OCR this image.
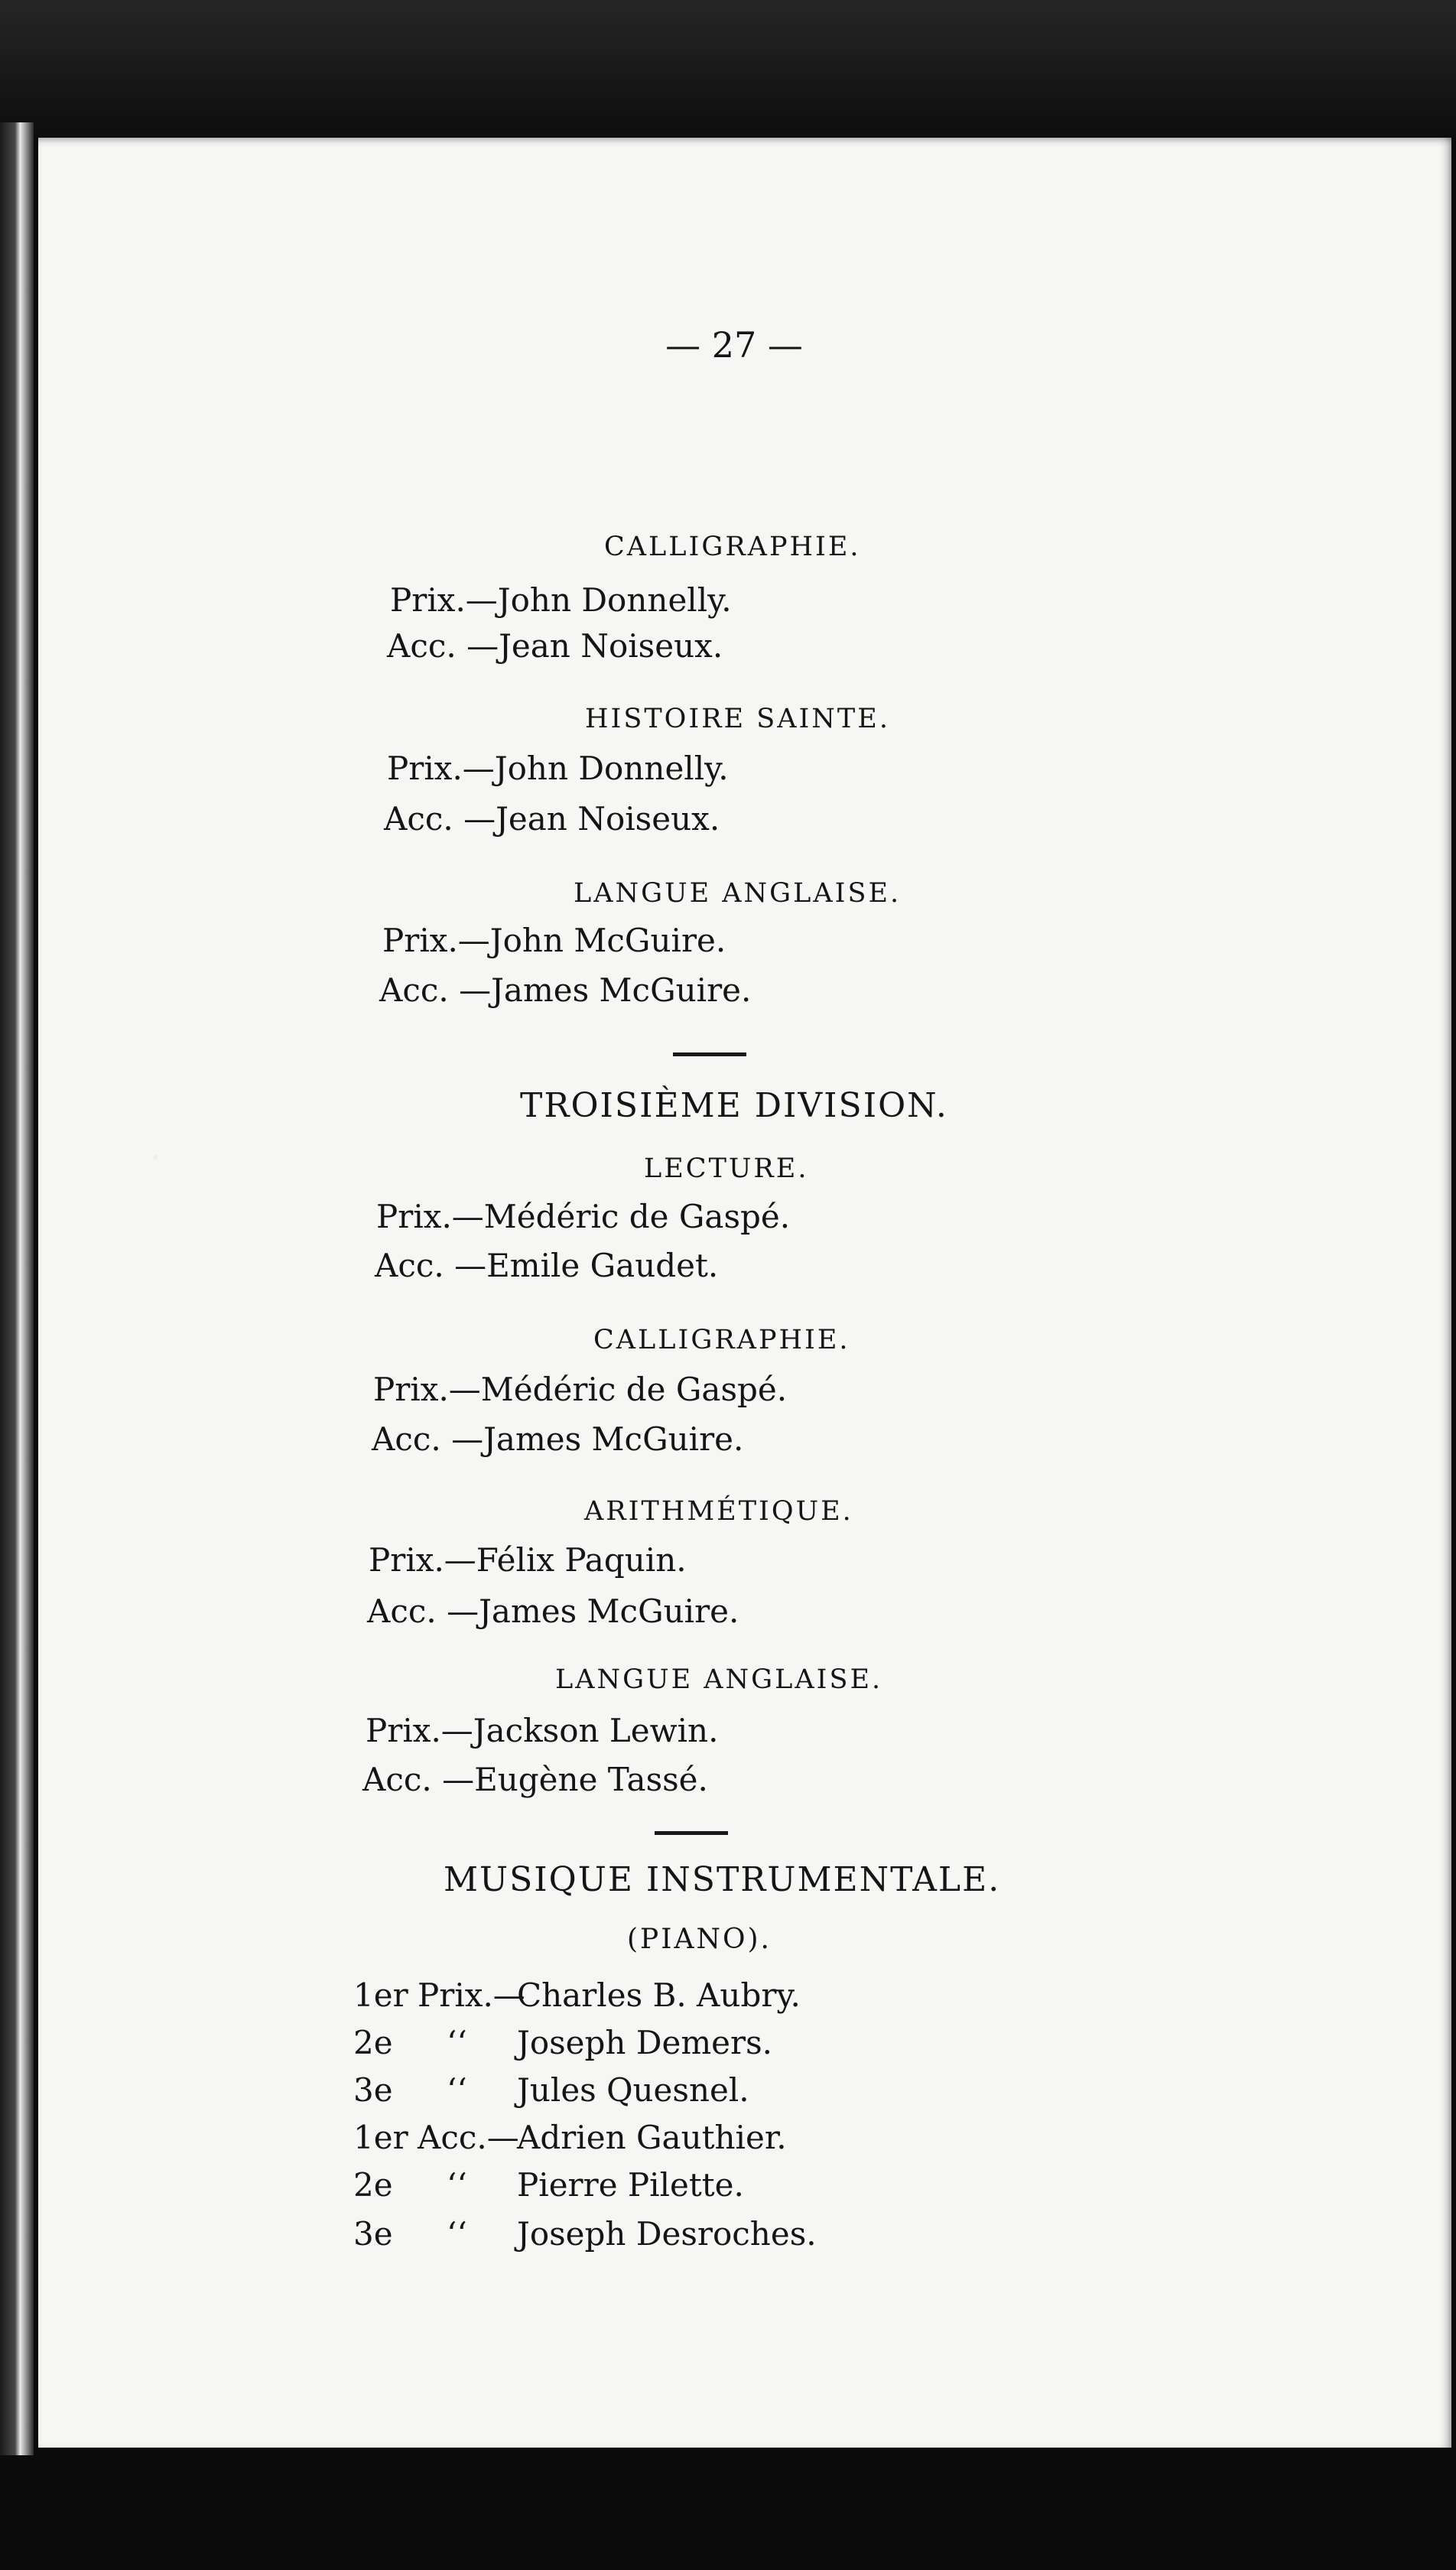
— 27 —
CALLIGRAPHIE.
Prix.—John Donnelly.
Acc. —Jean Noiseux.
HISTOIRE SAINTE.
Prix.—John Donnelly.
Acc. —Jean Noiseux.
LANGUE ANGLAISE.
Prix.—John McGuire.
Acc. —James McGuire.
TROISIÈME DIVISION.
LECTURE.
Prix.—Médéric de Gaspé.
Acc. —Emile Gaudet.
CALLIGRAPHIE.
Prix.—Médéric de Gaspé.
Acc. —James McGuire.
ARITHMÉTIQUE.
Prix.—Félix Paquin.
Acc. —James McGuire.
LANGUE ANGLAISE.
Prix.—Jackson Lewin.
Acc. —Eugène Tassé.
MUSIQUE INSTRUMENTALE.
(PIANO).
1er Prix.—
Charles B. Aubry.
2e ‘‘ Joseph Demers.
3e ‘‘ Jules Quesnel.
1er Acc.—
Adrien Gauthier.
2e ‘‘ Pierre Pilette.
3e ‘‘ Joseph Desroches.
